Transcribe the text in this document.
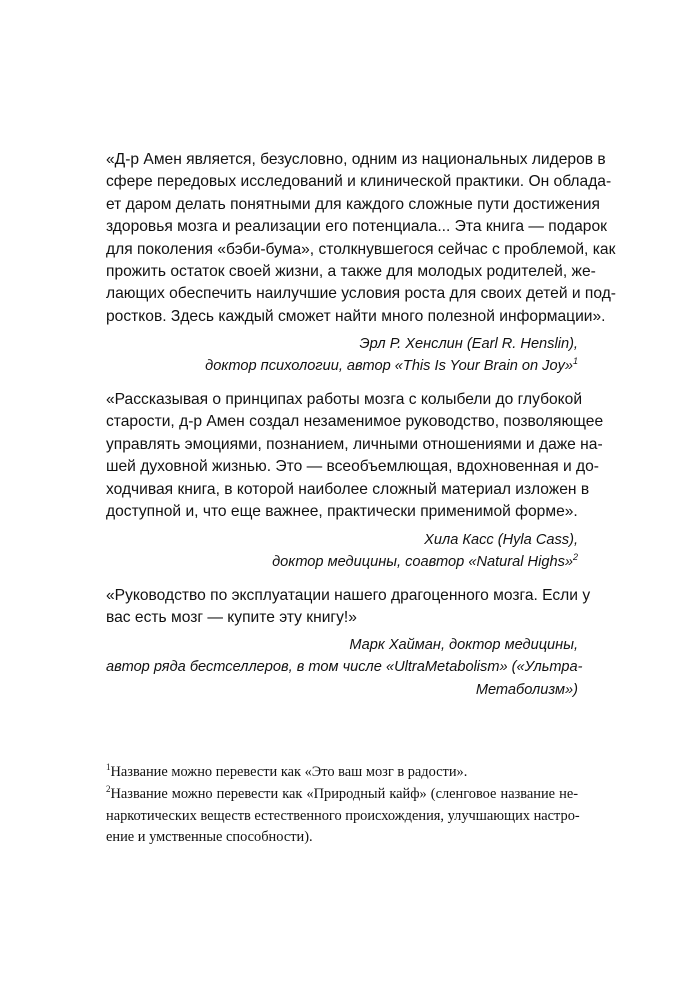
«Д-р Амен является, безусловно, одним из национальных лидеров в
сфере передовых исследований и клинической практики. Он облада-
ет даром делать понятными для каждого сложные пути достижения
здоровья мозга и реализации его потенциала... Эта книга — подарок
для поколения «бэби-бума», столкнувшегося сейчас с проблемой, как
прожить остаток своей жизни, а также для молодых родителей, же-
лающих обеспечить наилучшие условия роста для своих детей и под-
ростков. Здесь каждый сможет найти много полезной информации».
Эрл Р. Хенслин (Earl R. Henslin),
доктор психологии, автор «This Is Your Brain on Joy»$^1$
«Рассказывая о принципах работы мозга с колыбели до глубокой
старости, д-р Амен создал незаменимое руководство, позволяющее
управлять эмоциями, познанием, личными отношениями и даже на-
шей духовной жизнью. Это — всеобъемлющая, вдохновенная и до-
ходчивая книга, в которой наиболее сложный материал изложен в
доступной и, что еще важнее, практически применимой форме».
Хила Касс (Hyla Cass),
доктор медицины, соавтор «Natural Highs»$^2$
«Руководство по эксплуатации нашего драгоценного мозга. Если у
вас есть мозг — купите эту книгу!»
Марк Хайман, доктор медицины,
автор ряда бестселлеров, в том числе «UltraMetabolism» («Ультра-
Метаболизм»)
$^1$Название можно перевести как «Это ваш мозг в радости».
$^2$Название можно перевести как «Природный кайф» (сленговое название не-
наркотических веществ естественного происхождения, улучшающих настро-
ение и умственные способности).
